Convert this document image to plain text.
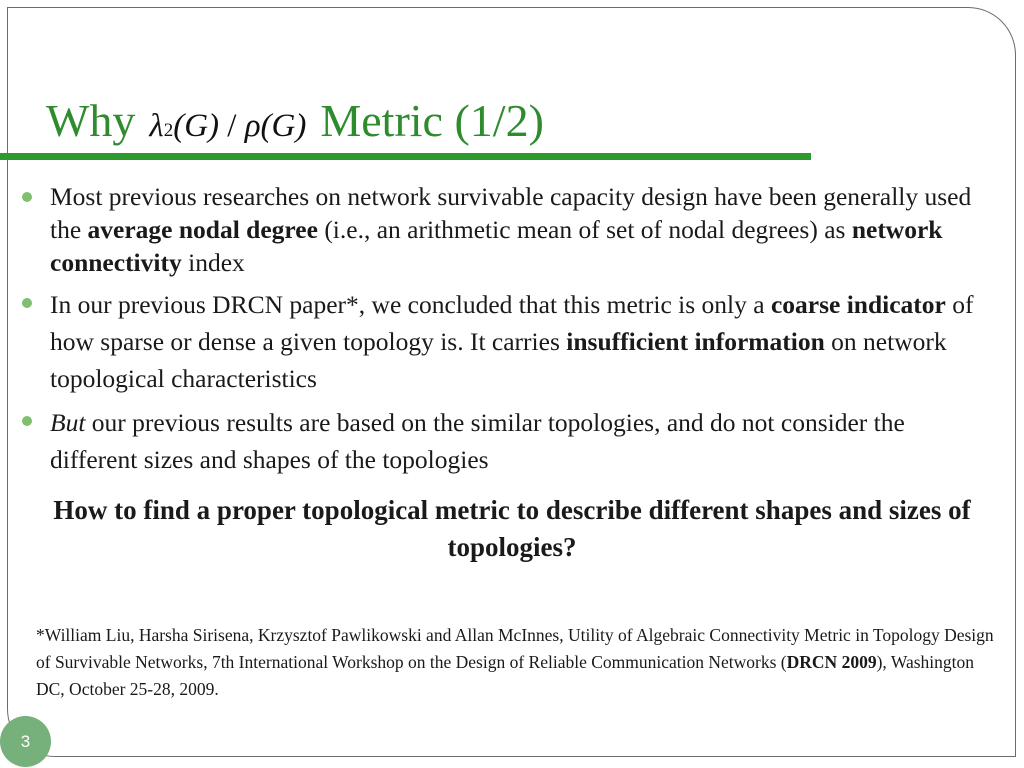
Why λ 2 (G)
/
ρ (G) Metric (1/2)
Most previous researches on network survivable capacity design have been generally used the average nodal degree (i.e., an arithmetic mean of set of nodal degrees) as network connectivity index
In our previous DRCN paper*, we concluded that this metric is only a coarse indicator of how sparse or dense a given topology is. It carries insufficient information on network topological characteristics
But our previous results are based on the similar topologies, and do not consider the different sizes and shapes of the topologies
How to find a proper topological metric to describe different shapes and sizes of topologies?
*William Liu, Harsha Sirisena, Krzysztof Pawlikowski and Allan McInnes, Utility of Algebraic Connectivity Metric in Topology Design of Survivable Networks, 7th International Workshop on the Design of Reliable Communication Networks (DRCN 2009), Washington DC, October 25-28, 2009.
3
